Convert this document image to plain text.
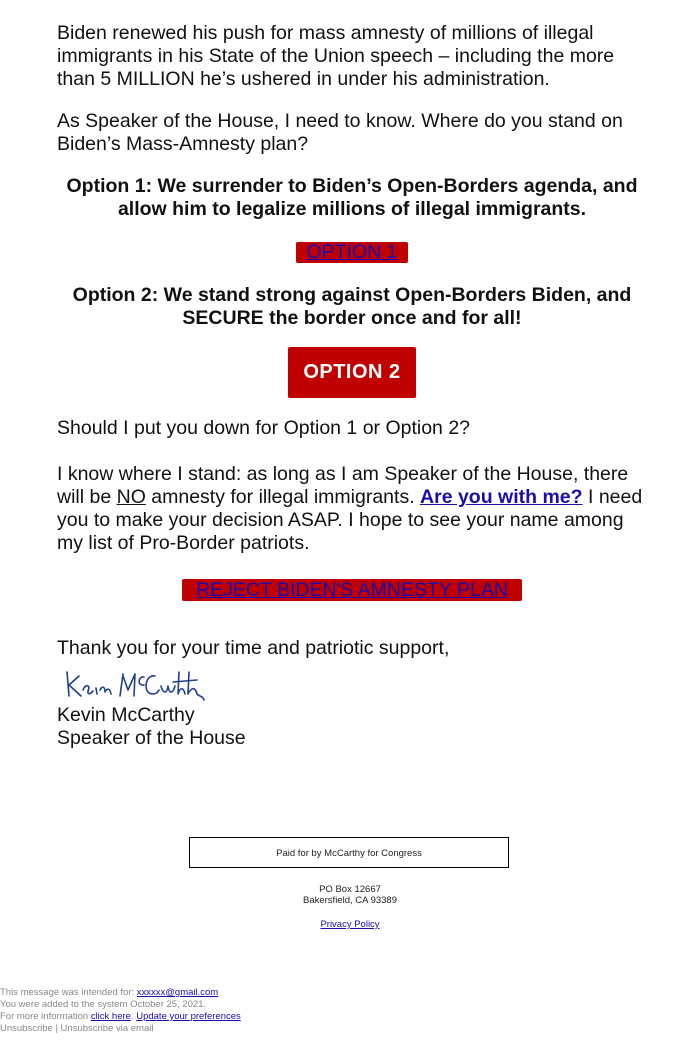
Biden renewed his push for mass amnesty of millions of illegal immigrants in his State of the Union speech – including the more than 5 MILLION he’s ushered in under his administration.

As Speaker of the House, I need to know. Where do you stand on Biden’s Mass-Amnesty plan?

Option 1: We surrender to Biden’s Open-Borders agenda, and allow him to legalize millions of illegal immigrants.

OPTION 1

Option 2: We stand strong against Open-Borders Biden, and SECURE the border once and for all!

OPTION 2

Should I put you down for Option 1 or Option 2?

I know where I stand: as long as I am Speaker of the House, there will be NO amnesty for illegal immigrants. Are you with me? I need you to make your decision ASAP. I hope to see your name among my list of Pro-Border patriots.

REJECT BIDEN'S AMNESTY PLAN

Thank you for your time and patriotic support,

Kevin McCarthy

Speaker of the House

Paid for by McCarthy for Congress
PO Box 12667
Bakersfield, CA 93389
Privacy Policy
This message was intended for: xxxxxx@gmail.com
You were added to the system October 25, 2021.
For more information click here. Update your preferences
Unsubscribe | Unsubscribe via email
